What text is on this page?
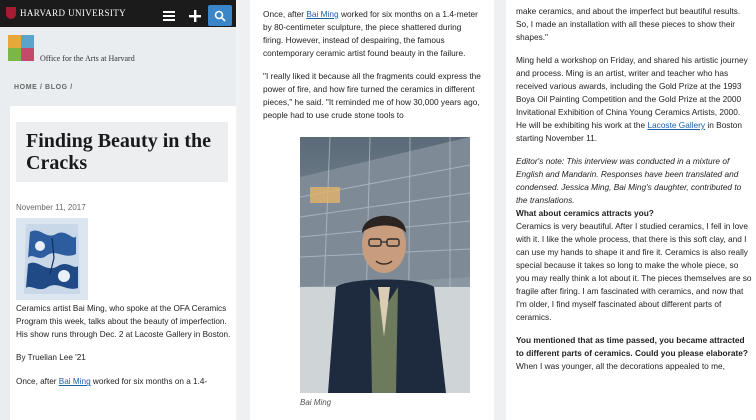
HARVARD UNIVERSITY
Office for the Arts at Harvard
HOME / BLOG /
Finding Beauty in the Cracks
November 11, 2017

Ceramics artist Bai Ming, who spoke at the OFA Ceramics Program this week, talks about the beauty of imperfection. His show runs through Dec. 2 at Lacoste Gallery in Boston.

By Truelian Lee '21

Once, after Bai Ming worked for six months on a 1.4-

Once, after Bai Ming worked for six months on a 1.4-meter by 80-centimeter sculpture, the piece shattered during firing. However, instead of despairing, the famous contemporary ceramic artist found beauty in the failure.

"I really liked it because all the fragments could express the power of fire, and how fire turned the ceramics in different pieces," he said. "It reminded me of how 30,000 years ago, people had to use crude stone tools to

Bai Ming

make ceramics, and about the imperfect but beautiful results. So, I made an installation with all these pieces to show their shapes."

Ming held a workshop on Friday, and shared his artistic journey and process. Ming is an artist, writer and teacher who has received various awards, including the Gold Prize at the 1993 Boya Oil Painting Competition and the Gold Prize at the 2000 Invitational Exhibition of China Young Ceramics Artists, 2000. He will be exhibiting his work at the Lacoste Gallery in Boston starting November 11.

Editor's note: This interview was conducted in a mixture of English and Mandarin. Responses have been translated and condensed. Jessica Ming, Bai Ming's daughter, contributed to the translations.

What about ceramics attracts you?

Ceramics is very beautiful. After I studied ceramics, I fell in love with it. I like the whole process, that there is this soft clay, and I can use my hands to shape it and fire it. Ceramics is also really special because it takes so long to make the whole piece, so you may really think a lot about it. The pieces themselves are so fragile after firing. I am fascinated with ceramics, and now that I'm older, I find myself fascinated about different parts of ceramics.

You mentioned that as time passed, you became attracted to different parts of ceramics. Could you please elaborate?

When I was younger, all the decorations appealed to me,
